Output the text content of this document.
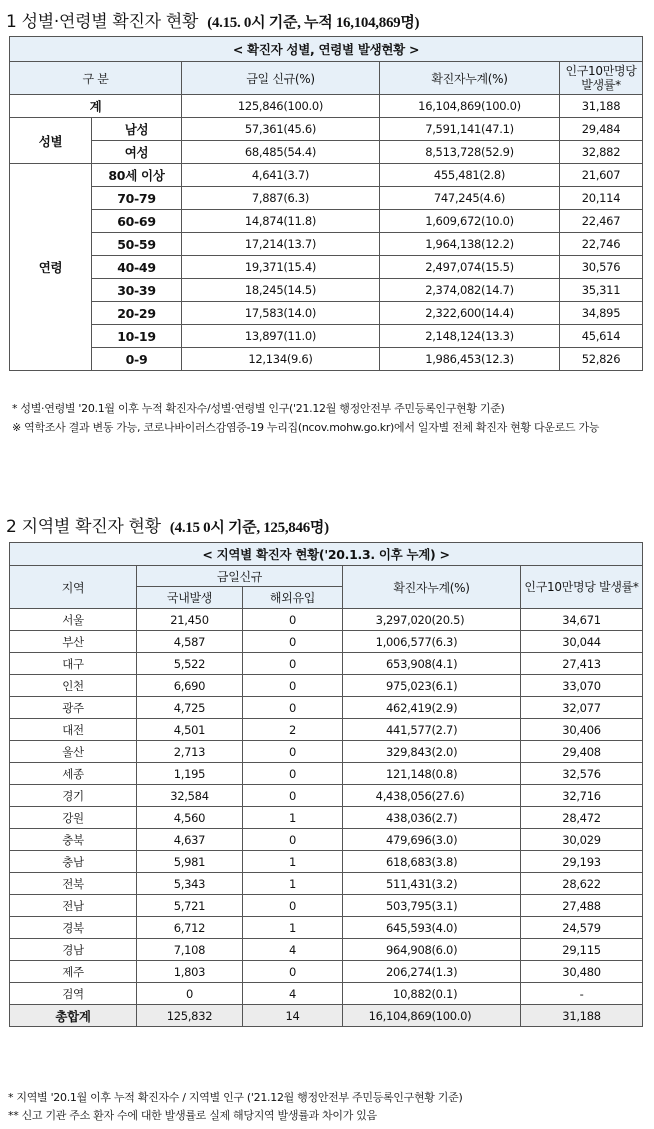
1 성별·연령별 확진자 현황 (4.15. 0시 기준, 누적 16,104,869명)
< 확진자 성별, 연령별 발생현황 >				
구 분		금일 신규(%)	확진자누계(%)	인구10만명당 발생률*
계		125,846(100.0)	16,104,869(100.0)	31,188
성별	남성	57,361(45.6)	7,591,141(47.1)	29,484
	여성	68,485(54.4)	8,513,728(52.9)	32,882
연령	80세 이상	4,641(3.7)	455,481(2.8)	21,607
	70-79	7,887(6.3)	747,245(4.6)	20,114
	60-69	14,874(11.8)	1,609,672(10.0)	22,467
	50-59	17,214(13.7)	1,964,138(12.2)	22,746
	40-49	19,371(15.4)	2,497,074(15.5)	30,576
	30-39	18,245(14.5)	2,374,082(14.7)	35,311
	20-29	17,583(14.0)	2,322,600(14.4)	34,895
	10-19	13,897(11.0)	2,148,124(13.3)	45,614
	0-9	12,134(9.6)	1,986,453(12.3)	52,826
* 성별·연령별 '20.1월 이후 누적 확진자수/성별·연령별 인구('21.12월 행정안전부 주민등록인구현황 기준)
※ 역학조사 결과 변동 가능, 코로나바이러스감염증-19 누리집(ncov.mohw.go.kr)에서 일자별 전체 확진자 현황 다운로드 가능
2 지역별 확진자 현황 (4.15 0시 기준, 125,846명)
< 지역별 확진자 현황('20.1.3. 이후 누계) >				
지역	금일신규		확진자누계(%)	인구10만명당 발생률*
	국내발생	해외유입		
서울	21,450	0	3,297,020 (20.5)	34,671
부산	4,587	0	1,006,577 (6.3)	30,044
대구	5,522	0	653,908 (4.1)	27,413
인천	6,690	0	975,023 (6.1)	33,070
광주	4,725	0	462,419 (2.9)	32,077
대전	4,501	2	441,577 (2.7)	30,406
울산	2,713	0	329,843 (2.0)	29,408
세종	1,195	0	121,148 (0.8)	32,576
경기	32,584	0	4,438,056 (27.6)	32,716
강원	4,560	1	438,036 (2.7)	28,472
충북	4,637	0	479,696 (3.0)	30,029
충남	5,981	1	618,683 (3.8)	29,193
전북	5,343	1	511,431 (3.2)	28,622
전남	5,721	0	503,795 (3.1)	27,488
경북	6,712	1	645,593 (4.0)	24,579
경남	7,108	4	964,908 (6.0)	29,115
제주	1,803	0	206,274 (1.3)	30,480
검역	0	4	10,882 (0.1)	-
총합계	125,832	14	16,104,869 (100.0)	31,188
* 지역별 '20.1월 이후 누적 확진자수 / 지역별 인구 ('21.12월 행정안전부 주민등록인구현황 기준)
** 신고 기관 주소 환자 수에 대한 발생률로 실제 해당지역 발생률과 차이가 있음
